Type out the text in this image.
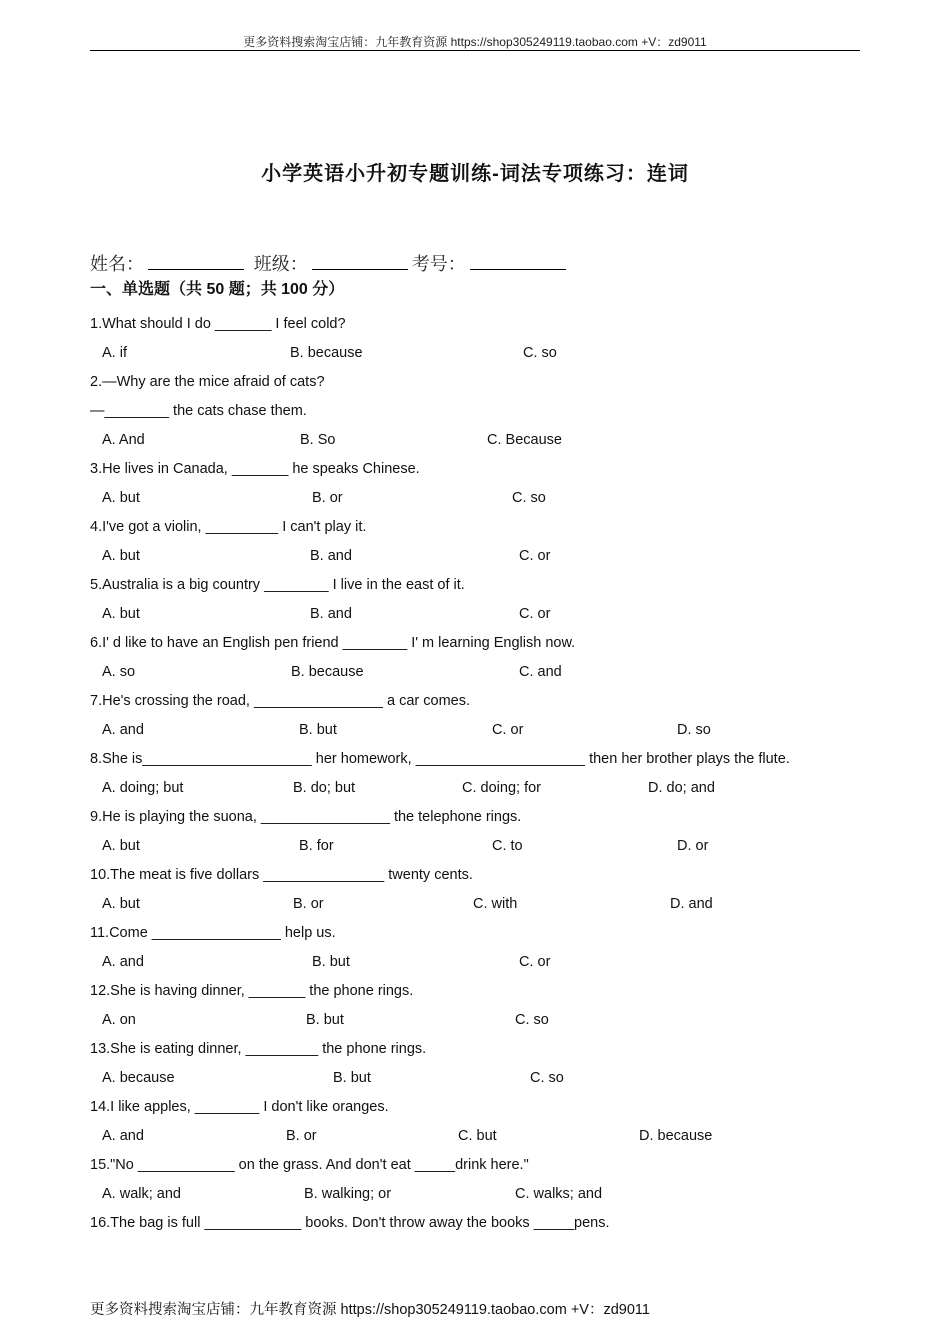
更多资料搜索淘宝店铺：九年教育资源 https://shop305249119.taobao.com +V：zd9011
小学英语小升初专题训练-词法专项练习：连词
姓名：	班级：	考号：
一、单选题（共 50 题；共 100 分）
1.What should I do _______ I feel cold?
A. if	B. because	C. so
2.—Why are the mice afraid of cats?
—________ the cats chase them.
A. And	B. So	C. Because
3.He lives in Canada, _______ he speaks Chinese.
A. but	B. or	C. so
4.I've got a violin, _________ I can't play it.
A. but	B. and	C. or
5.Australia is a big country ________ I live in the east of it.
A. but	B. and	C. or
6.I' d like to have an English pen friend ________ I' m learning English now.
A. so	B. because	C. and
7.He's crossing the road, ________________ a car comes.
A. and	B. but	C. or	D. so
8.She is_____________________ her homework, _____________________ then her brother plays the flute.
A. doing; but	B. do; but	C. doing; for	D. do; and
9.He is playing the suona, ________________ the telephone rings.
A. but	B. for	C. to	D. or
10.The meat is five dollars _______________ twenty cents.
A. but	B. or	C. with	D. and
11.Come ________________ help us.
A. and	B. but	C. or
12.She is having dinner, _______ the phone rings.
A. on	B. but	C. so
13.She is eating dinner, _________ the phone rings.
A. because	B. but	C. so
14.I like apples, ________ I don't like oranges.
A. and	B. or	C. but	D. because
15."No ____________ on the grass. And don't eat _____drink here."
A. walk; and	B. walking; or	C. walks; and
16.The bag is full ____________ books. Don't throw away the books _____pens.
更多资料搜索淘宝店铺：九年教育资源 https://shop305249119.taobao.com +V：zd9011
